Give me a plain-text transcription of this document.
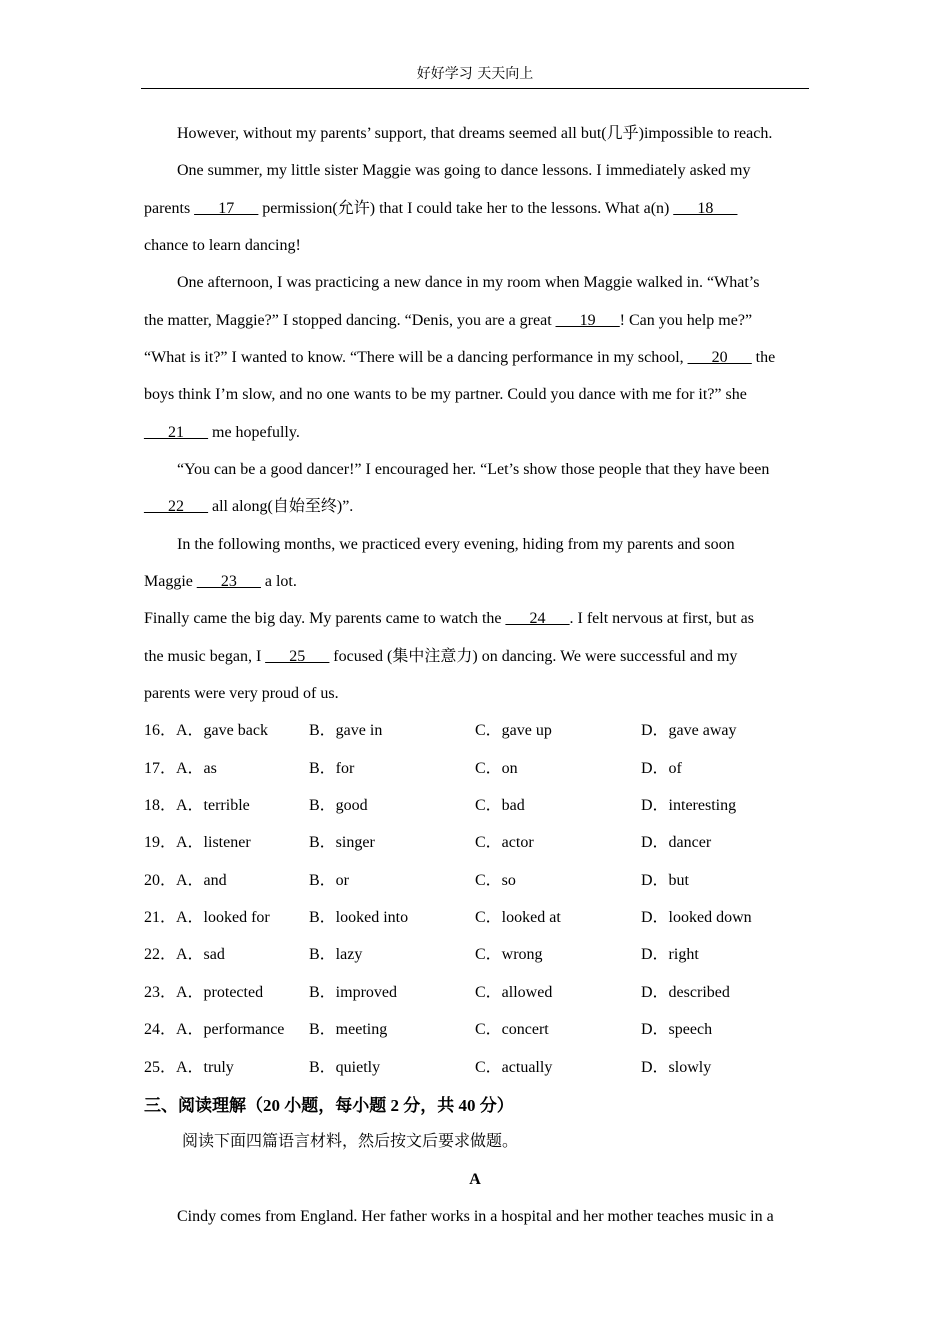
好好学习 天天向上
However, without my parents’ support, that dreams seemed all but(几乎)impossible to reach.
One summer, my little sister Maggie was going to dance lessons. I immediately asked my
parents ___17___ permission(允许) that I could take her to the lessons. What a(n) ___18___
chance to learn dancing!
One afternoon, I was practicing a new dance in my room when Maggie walked in. “What’s
the matter, Maggie?” I stopped dancing. “Denis, you are a great ___19___! Can you help me?”
“What is it?” I wanted to know. “There will be a dancing performance in my school, ___20___ the
boys think I’m slow, and no one wants to be my partner. Could you dance with me for it?” she
___21___ me hopefully.
“You can be a good dancer!” I encouraged her. “Let’s show those people that they have been
___22___ all along(自始至终)”.
In the following months, we practiced every evening, hiding from my parents and soon
Maggie ___23___ a lot.
Finally came the big day. My parents came to watch the ___24___. I felt nervous at first, but as
the music began, I ___25___ focused (集中注意力) on dancing. We were successful and my
parents were very proud of us.
16．A．gave back	B．gave in	C．gave up	D．gave away
17．A．as	B．for	C．on	D．of
18．A．terrible	B．good	C．bad	D．interesting
19．A．listener	B．singer	C．actor	D．dancer
20．A．and	B．or	C．so	D．but
21．A．looked for B．looked into	C．looked at	D．looked down
22．A．sad	B．lazy	C．wrong	D．right
23．A．protected	B．improved	C．allowed	D．described
24．A．performance B．meeting	C．concert	D．speech
25．A．truly	B．quietly	C．actually	D．slowly
三、阅读理解（20 小题，每小题 2 分，共 40 分）
阅读下面四篇语言材料，然后按文后要求做题。
A
Cindy comes from England. Her father works in a hospital and her mother teaches music in a
